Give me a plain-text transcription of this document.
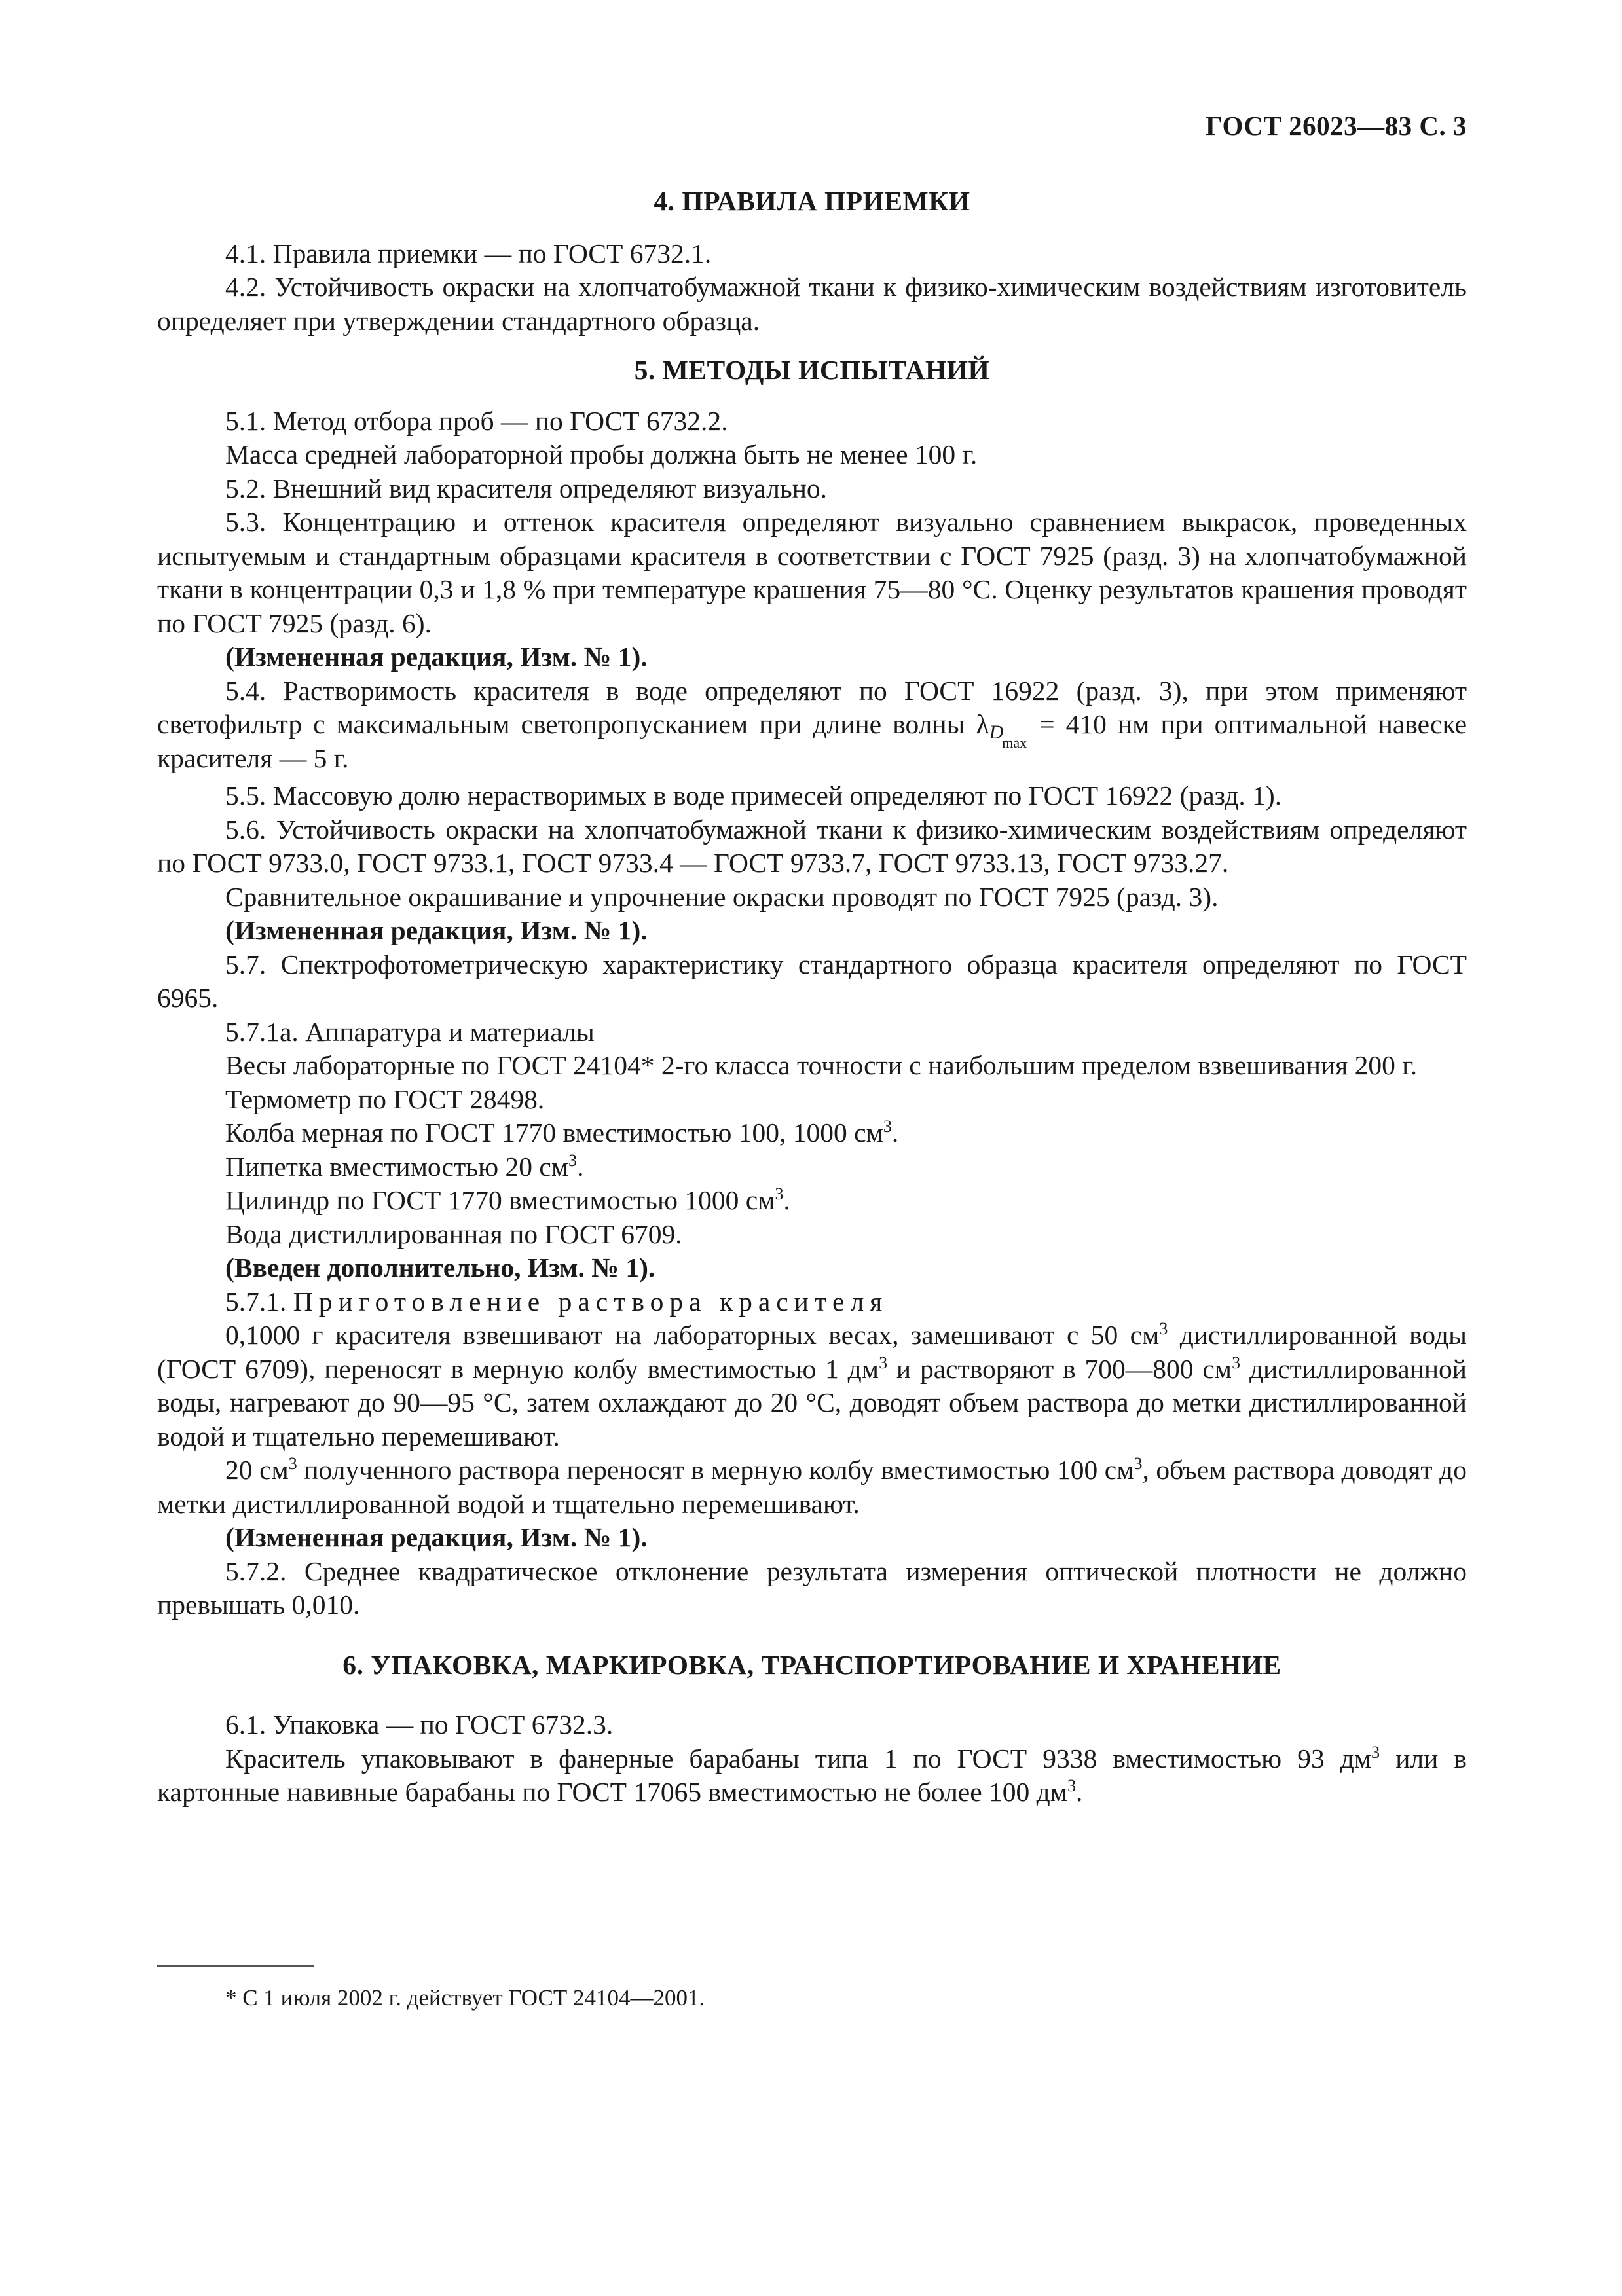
ГОСТ 26023—83 С. 3
4. ПРАВИЛА ПРИЕМКИ

4.1. Правила приемки — по ГОСТ 6732.1.

4.2. Устойчивость окраски на хлопчатобумажной ткани к физико-химическим воздействиям изготовитель определяет при утверждении стандартного образца.

5. МЕТОДЫ ИСПЫТАНИЙ

5.1. Метод отбора проб — по ГОСТ 6732.2.

Масса средней лабораторной пробы должна быть не менее 100 г.

5.2. Внешний вид красителя определяют визуально.

5.3. Концентрацию и оттенок красителя определяют визуально сравнением выкрасок, проведенных испытуемым и стандартным образцами красителя в соответствии с ГОСТ 7925 (разд. 3) на хлопчатобумажной ткани в концентрации 0,3 и 1,8 % при температуре крашения 75—80 °С. Оценку результатов крашения проводят по ГОСТ 7925 (разд. 6).

(Измененная редакция, Изм. № 1).

5.4. Растворимость красителя в воде определяют по ГОСТ 16922 (разд. 3), при этом применяют светофильтр с максимальным светопропусканием при длине волны $\lambda D_{max} = 410$ нм при оптимальной навеске красителя — 5 г.

5.5. Массовую долю нерастворимых в воде примесей определяют по ГОСТ 16922 (разд. 1).

5.6. Устойчивость окраски на хлопчатобумажной ткани к физико-химическим воздействиям определяют по ГОСТ 9733.0, ГОСТ 9733.1, ГОСТ 9733.4 — ГОСТ 9733.7, ГОСТ 9733.13, ГОСТ 9733.27.

Сравнительное окрашивание и упрочнение окраски проводят по ГОСТ 7925 (разд. 3).

(Измененная редакция, Изм. № 1).

5.7. Спектрофотометрическую характеристику стандартного образца красителя определяют по ГОСТ 6965.

5.7.1а. Аппаратура и материалы

Весы лабораторные по ГОСТ 24104* 2-го класса точности с наибольшим пределом взвешивания 200 г.

Термометр по ГОСТ 28498.

Колба мерная по ГОСТ 1770 вместимостью 100, 1000 $см^3$.

Пипетка вместимостью 20 $см^3$.

Цилиндр по ГОСТ 1770 вместимостью 1000 $см^3$.

Вода дистиллированная по ГОСТ 6709.

(Введен дополнительно, Изм. № 1).

5.7.1. Приготовление раствора красителя

0,1000 г красителя взвешивают на лабораторных весах, замешивают с 50 $см^3$ дистиллированной воды (ГОСТ 6709), переносят в мерную колбу вместимостью 1 $дм^3$ и растворяют в 700—800 $см^3$ дистиллированной воды, нагревают до 90—95 °С, затем охлаждают до 20 °С, доводят объем раствора до метки дистиллированной водой и тщательно перемешивают.

20 $см^3$ полученного раствора переносят в мерную колбу вместимостью 100 $см^3$, объем раствора доводят до метки дистиллированной водой и тщательно перемешивают.

(Измененная редакция, Изм. № 1).

5.7.2. Среднее квадратическое отклонение результата измерения оптической плотности не должно превышать 0,010.

6. УПАКОВКА, МАРКИРОВКА, ТРАНСПОРТИРОВАНИЕ И ХРАНЕНИЕ

6.1. Упаковка — по ГОСТ 6732.3.

Краситель упаковывают в фанерные барабаны типа 1 по ГОСТ 9338 вместимостью 93 $дм^3$ или в картонные навивные барабаны по ГОСТ 17065 вместимостью не более 100 $дм^3$.

* С 1 июля 2002 г. действует ГОСТ 24104—2001.
